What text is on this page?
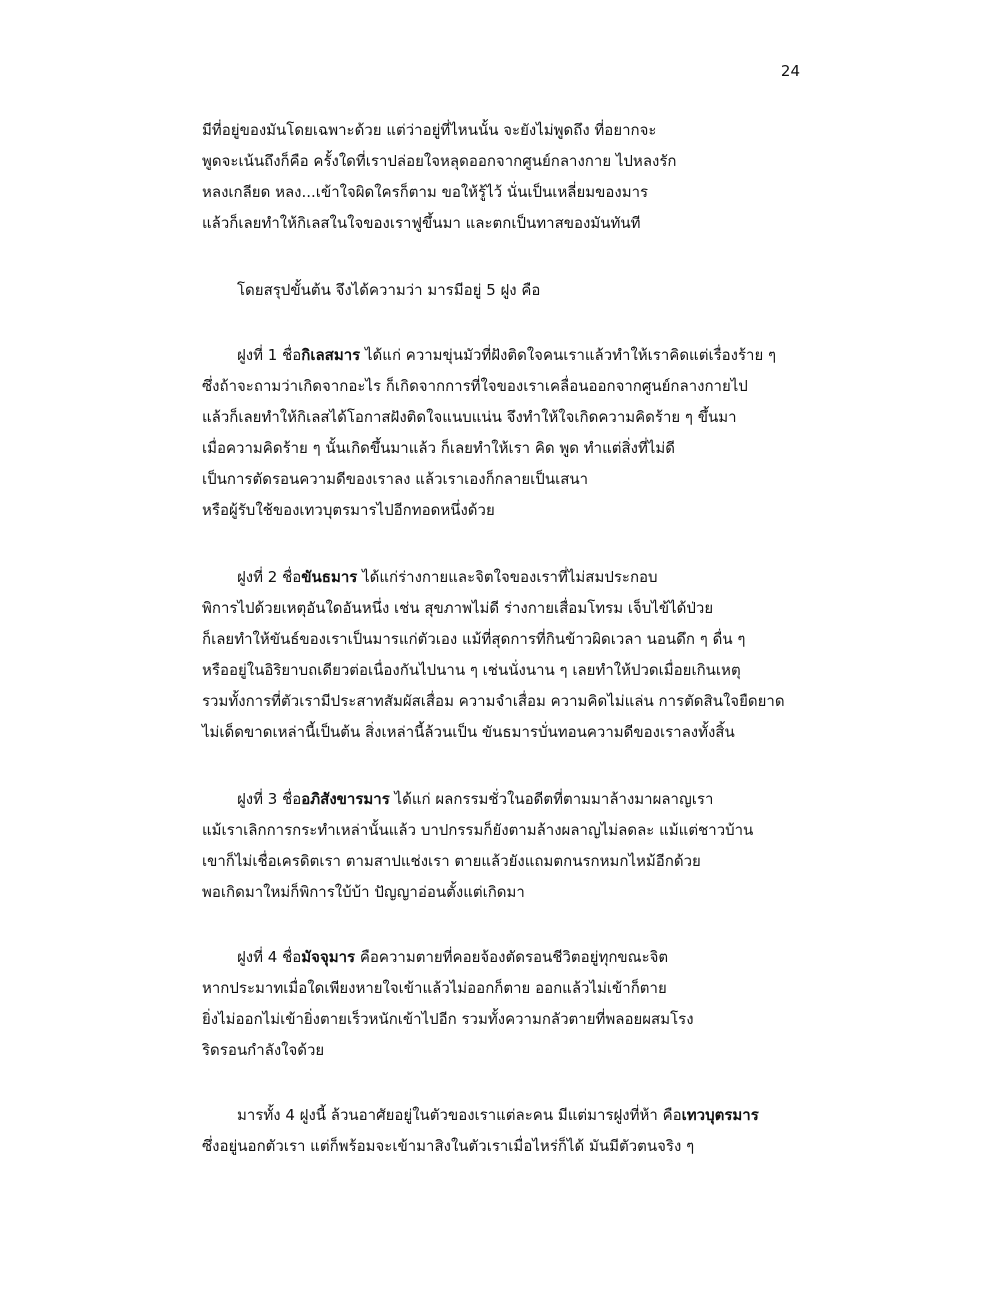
24
มีที่อยู่ของมันโดยเฉพาะด้วย แต่ว่าอยู่ที่ไหนนั้น จะยังไม่พูดถึง ที่อยากจะ
พูดจะเน้นถึงก็คือ ครั้งใดที่เราปล่อยใจหลุดออกจากศูนย์กลางกาย ไปหลงรัก
หลงเกลียด หลง...เข้าใจผิดใครก็ตาม ขอให้รู้ไว้ นั่นเป็นเหลี่ยมของมาร
แล้วก็เลยทำให้กิเลสในใจของเราฟูขึ้นมา และตกเป็นทาสของมันทันที
โดยสรุปขั้นต้น จึงได้ความว่า มารมีอยู่ 5 ฝูง คือ
ฝูงที่ 1 ชื่อกิเลสมาร ได้แก่ ความขุ่นมัวที่ฝังติดใจคนเราแล้วทำให้เราคิดแต่เรื่องร้าย ๆ
ซึ่งถ้าจะถามว่าเกิดจากอะไร ก็เกิดจากการที่ใจของเราเคลื่อนออกจากศูนย์กลางกายไป
แล้วก็เลยทำให้กิเลสได้โอกาสฝังติดใจแนบแน่น จึงทำให้ใจเกิดความคิดร้าย ๆ ขึ้นมา
เมื่อความคิดร้าย ๆ นั้นเกิดขึ้นมาแล้ว ก็เลยทำให้เรา คิด พูด ทำแต่สิ่งที่ไม่ดี
เป็นการตัดรอนความดีของเราลง แล้วเราเองก็กลายเป็นเสนา
หรือผู้รับใช้ของเทวบุตรมารไปอีกทอดหนึ่งด้วย
ฝูงที่ 2 ชื่อขันธมาร ได้แก่ร่างกายและจิตใจของเราที่ไม่สมประกอบ
พิการไปด้วยเหตุอันใดอันหนึ่ง เช่น สุขภาพไม่ดี ร่างกายเสื่อมโทรม เจ็บไข้ได้ป่วย
ก็เลยทำให้ขันธ์ของเราเป็นมารแก่ตัวเอง แม้ที่สุดการที่กินข้าวผิดเวลา นอนดึก ๆ ดื่น ๆ
หรืออยู่ในอิริยาบถเดียวต่อเนื่องกันไปนาน ๆ เช่นนั่งนาน ๆ เลยทำให้ปวดเมื่อยเกินเหตุ
รวมทั้งการที่ตัวเรามีประสาทสัมผัสเสื่อม ความจำเสื่อม ความคิดไม่แล่น การตัดสินใจยืดยาด
ไม่เด็ดขาดเหล่านี้เป็นต้น สิ่งเหล่านี้ล้วนเป็น ขันธมารบั่นทอนความดีของเราลงทั้งสิ้น
ฝูงที่ 3 ชื่ออภิสังขารมาร ได้แก่ ผลกรรมชั่วในอดีตที่ตามมาล้างมาผลาญเรา
แม้เราเลิกการกระทำเหล่านั้นแล้ว บาปกรรมก็ยังตามล้างผลาญไม่ลดละ แม้แต่ชาวบ้าน
เขาก็ไม่เชื่อเครดิตเรา ตามสาปแช่งเรา ตายแล้วยังแถมตกนรกหมกไหม้อีกด้วย
พอเกิดมาใหม่ก็พิการใบ้บ้า ปัญญาอ่อนตั้งแต่เกิดมา
ฝูงที่ 4 ชื่อมัจจุมาร คือความตายที่คอยจ้องตัดรอนชีวิตอยู่ทุกขณะจิต
หากประมาทเมื่อใดเพียงหายใจเข้าแล้วไม่ออกก็ตาย ออกแล้วไม่เข้าก็ตาย
ยิ่งไม่ออกไม่เข้ายิ่งตายเร็วหนักเข้าไปอีก รวมทั้งความกลัวตายที่พลอยผสมโรง
ริดรอนกำลังใจด้วย
มารทั้ง 4 ฝูงนี้ ล้วนอาศัยอยู่ในตัวของเราแต่ละคน มีแต่มารฝูงที่ห้า คือเทวบุตรมาร
ซึ่งอยู่นอกตัวเรา แต่ก็พร้อมจะเข้ามาสิงในตัวเราเมื่อไหร่ก็ได้ มันมีตัวตนจริง ๆ
